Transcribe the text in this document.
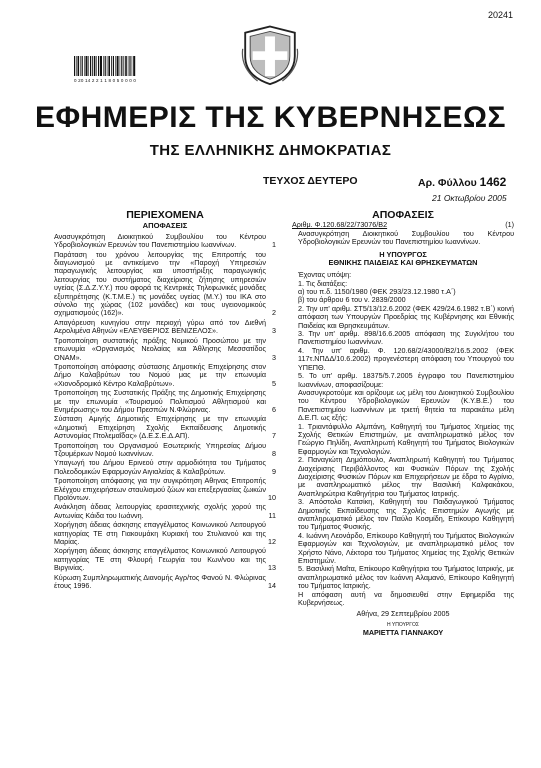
20241
0 20 14 2 2 1 1 8 0 5 0 0 0 0
ΕΦΗΜΕΡΙΣ ΤΗΣ ΚΥΒΕΡΝΗΣΕΩΣ
ΤΗΣ ΕΛΛΗΝΙΚΗΣ ΔΗΜΟΚΡΑΤΙΑΣ
ΤΕΥΧΟΣ ΔΕΥΤΕΡΟ	Αρ. Φύλλου 1462
21 Οκτωβρίου 2005
ΠΕΡΙΕΧΟΜΕΝΑ
ΑΠΟΦΑΣΕΙΣ
Ανασυγκρότηση Διοικητικού Συμβουλίου του Κέντρου Υδροβιολογικών Ερευνών του Πανεπιστημίου Ιωαννίνων.	1
Παράταση του χρόνου λειτουργίας της Επιτροπής του διαγωνισμού με αντικείμενο την «Παροχή Υπηρεσιών παραγωγικής λειτουργίας και υποστήριξης παραγωγικής λειτουργίας του συστήματος διαχείρισης ζήτησης υπηρεσιών υγείας (Σ.Δ.Ζ.Υ.Υ.) που αφορά τις Κεντρικές Τηλεφωνικές μονάδες εξυπηρέτησης (Κ.Τ.Μ.Ε.) τις μονάδες υγείας (Μ.Υ.) του ΙΚΑ στο σύνολο της χώρας (102 μονάδες) και τους υγειονομικούς σχηματισμούς (162)».	2
Απαγόρευση κυνηγίου στην περιοχή γύρω από τον Διεθνή Αερολιμένα Αθηνών «ΕΛΕΥΘΕΡΙΟΣ ΒΕΝΙΖΕΛΟΣ».	3
Τροποποίηση συστατικής πράξης Νομικού Προσώπου με την επωνυμία «Οργανισμός Νεολαίας και Άθλησης Μεσσατίδος ΟΝΑΜ».	3
Τροποποίηση απόφασης σύστασης Δημοτικής Επιχείρησης στον Δήμο Καλαβρύτων του Νομού μας με την επωνυμία «Χιονοδρομικό Κέντρο Καλαβρύτων».	5
Τροποποίηση της Συστατικής Πράξης της Δημοτικής Επιχείρησης με την επωνυμία «Τουρισμού Πολιτισμού Αθλητισμού και Ενημέρωσης» του Δήμου Πρεσπών Ν.Φλώρινας.	6
Σύσταση Αμιγής Δημοτικής Επιχείρησης με την επωνυμία «Δημοτική Επιχείρηση Σχολής Εκπαίδευσης Δημοτικής Αστυνομίας Πτολεμαΐδας» (Δ.Ε.Σ.Ε.Δ.ΑΠ).	7
Τροποποίηση του Οργανισμού Εσωτερικής Υπηρεσίας Δήμου Τζουμέρκων Νομού Ιωαννίνων.	8
Υπαγωγή του Δήμου Ερινεού στην αρμοδιότητα του Τμήματος Πολεοδομικών Εφαρμογών Αιγιαλείας & Καλαβρύτων.	9
Τροποποίηση απόφασης για την συγκρότηση Αθηνας Επιτροπής Ελέγχου επιχειρήσεων σταυλισμού ζώων και επεξεργασίας ζωικών Προϊόντων.	10
Ανάκληση άδειας λειτουργίας ερασιτεχνικής σχολής χορού της Αντωνίας Κάιδα του Ιωάννη.	11
Χορήγηση άδειας άσκησης επαγγέλματος Κοινωνικού Λειτουργού κατηγορίας ΤΕ στη Γιακουμάκη Κυριακή του Στυλιανού και της Μαρίας.	12
Χορήγηση άδειας άσκησης επαγγέλματος Κοινωνικού Λειτουργού κατηγορίας ΤΕ στη Φλουρή Γεωργία του Κων/νου και της Βιργινίας.	13
Κύρωση Συμπληρωματικής Διανομής Αγρ/τος Φανού Ν. Φλώρινας έτους 1996.	14
ΑΠΟΦΑΣΕΙΣ
Αριθμ. Φ.120.68/22/73076/Β2	(1)

Ανασυγκρότηση Διοικητικού Συμβουλίου του Κέντρου Υδροβιολογικών Ερευνών του Πανεπιστημίου Ιωαννίνων.

Η ΥΠΟΥΡΓΟΣ
ΕΘΝΙΚΗΣ ΠΑΙΔΕΙΑΣ ΚΑΙ ΘΡΗΣΚΕΥΜΑΤΩΝ

Έχοντας υπόψη:

1. Τις διατάξεις:

α) του π.δ. 1150/1980 (ΦΕΚ 293/23.12.1980 τ.Α΄)

β) του άρθρου 6 του ν. 2839/2000

2. Την υπ' αριθμ. ΣΤ5/13/12.6.2002 (ΦΕΚ 429/24.6.1982 τ.Β΄) κοινή απόφαση των Υπουργών Προεδρίας της Κυβέρνησης και Εθνικής Παιδείας και Θρησκευμάτων.

3. Την υπ' αριθμ. 898/16.6.2005 απόφαση της Συγκλήτου του Πανεπιστημίου Ιωαννίνων.

4. Την υπ' αριθμ. Φ. 120.68/2/43000/Β2/16.5.2002 (ΦΕΚ 117τ.ΝΠΔΔ/10.6.2002) προγενέστερη απόφαση του Υπουργού του ΥΠΕΠΘ.

5. Το υπ' αριθμ. 18375/5.7.2005 έγγραφο του Πανεπιστημίου Ιωαννίνων, αποφασίζουμε:

Ανασυγκροτούμε και ορίζουμε ως μέλη του Διοικητικού Συμβουλίου του Κέντρου Υδροβιολογικών Ερευνών (Κ.Υ.Β.Ε.) του Πανεπιστημίου Ιωαννίνων με τριετή θητεία τα παρακάτω μέλη Δ.Ε.Π. ως εξής:

1. Τριαντάφυλλο Αλμπάνη, Καθηγητή του Τμήματος Χημείας της Σχολής Θετικών Επιστημών, με αναπληρωματικό μέλος τον Γεώργιο Πηλίδη, Αναπληρωτή Καθηγητή του Τμήματος Βιολογικών Εφαρμογών και Τεχνολογιών.

2. Παναγιώτη Δημόπουλο, Αναπληρωτή Καθηγητή του Τμήματος Διαχείρισης Περιβάλλοντος και Φυσικών Πόρων της Σχολής Διαχείρισης Φυσικών Πόρων και Επιχειρήσεων με έδρα το Αγρίνιο, με αναπληρωματικό μέλος την Βασιλική Καλφακάκου, Αναπληρώτρια Καθηγήτρια του Τμήματος Ιατρικής.

3. Απόστολο Κατσίκη, Καθηγητή του Παιδαγωγικού Τμήματος Δημοτικής Εκπαίδευσης της Σχολής Επιστημών Αγωγής με αναπληρωματικό μέλος τον Παύλο Κοσμίδη, Επίκουρο Καθηγητή του Τμήματος Φυσικής.

4. Ιωάννη Λεονάρδο, Επίκουρο Καθηγητή του Τμήματος Βιολογικών Εφαρμογών και Τεχνολογιών, με αναπληρωματικό μέλος τον Χρήστο Νάνο, Λέκτορα του Τμήματος Χημείας της Σχολής Θετικών Επιστημών.

5. Βασιλική Μαΐτα, Επίκουρο Καθηγήτρια του Τμήματος Ιατρικής, με αναπληρωματικό μέλος τον Ιωάννη Αλαμανό, Επίκουρο Καθηγητή του Τμήματος Ιατρικής.

Η απόφαση αυτή να δημοσιευθεί στην Εφημερίδα της Κυβερνήσεως.

Αθήνα, 29 Σεπτεμβρίου 2005
Η ΥΠΟΥΡΓΟΣ
ΜΑΡΙΕΤΤΑ ΓΙΑΝΝΑΚΟΥ
